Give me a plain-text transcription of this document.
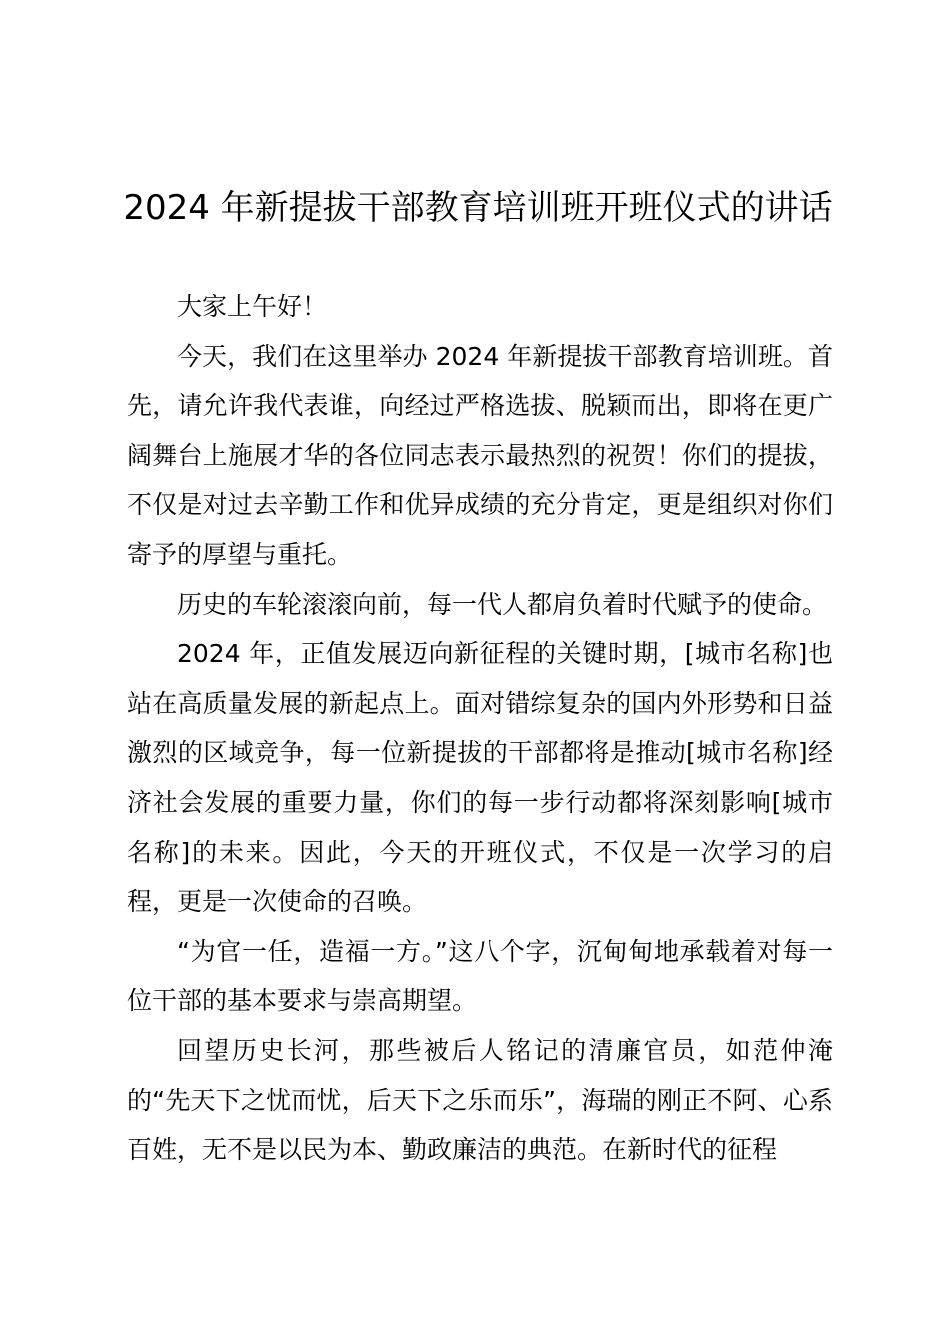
2024 年新提拔干部教育培训班开班仪式的讲话

大家上午好！

今天，我们在这里举办 2024 年新提拔干部教育培训班。首先，请允许我代表谁，向经过严格选拔、脱颖而出，即将在更广阔舞台上施展才华的各位同志表示最热烈的祝贺！你们的提拔，不仅是对过去辛勤工作和优异成绩的充分肯定，更是组织对你们寄予的厚望与重托。

历史的车轮滚滚向前，每一代人都肩负着时代赋予的使命。

2024 年，正值发展迈向新征程的关键时期，[城市名称]也站在高质量发展的新起点上。面对错综复杂的国内外形势和日益激烈的区域竞争，每一位新提拔的干部都将是推动[城市名称]经济社会发展的重要力量，你们的每一步行动都将深刻影响[城市名称]的未来。因此，今天的开班仪式，不仅是一次学习的启程，更是一次使命的召唤。

“为官一任，造福一方。”这八个字，沉甸甸地承载着对每一位干部的基本要求与崇高期望。

回望历史长河，那些被后人铭记的清廉官员，如范仲淹的“先天下之忧而忧，后天下之乐而乐”，海瑞的刚正不阿、心系百姓，无不是以民为本、勤政廉洁的典范。在新时代的征程
